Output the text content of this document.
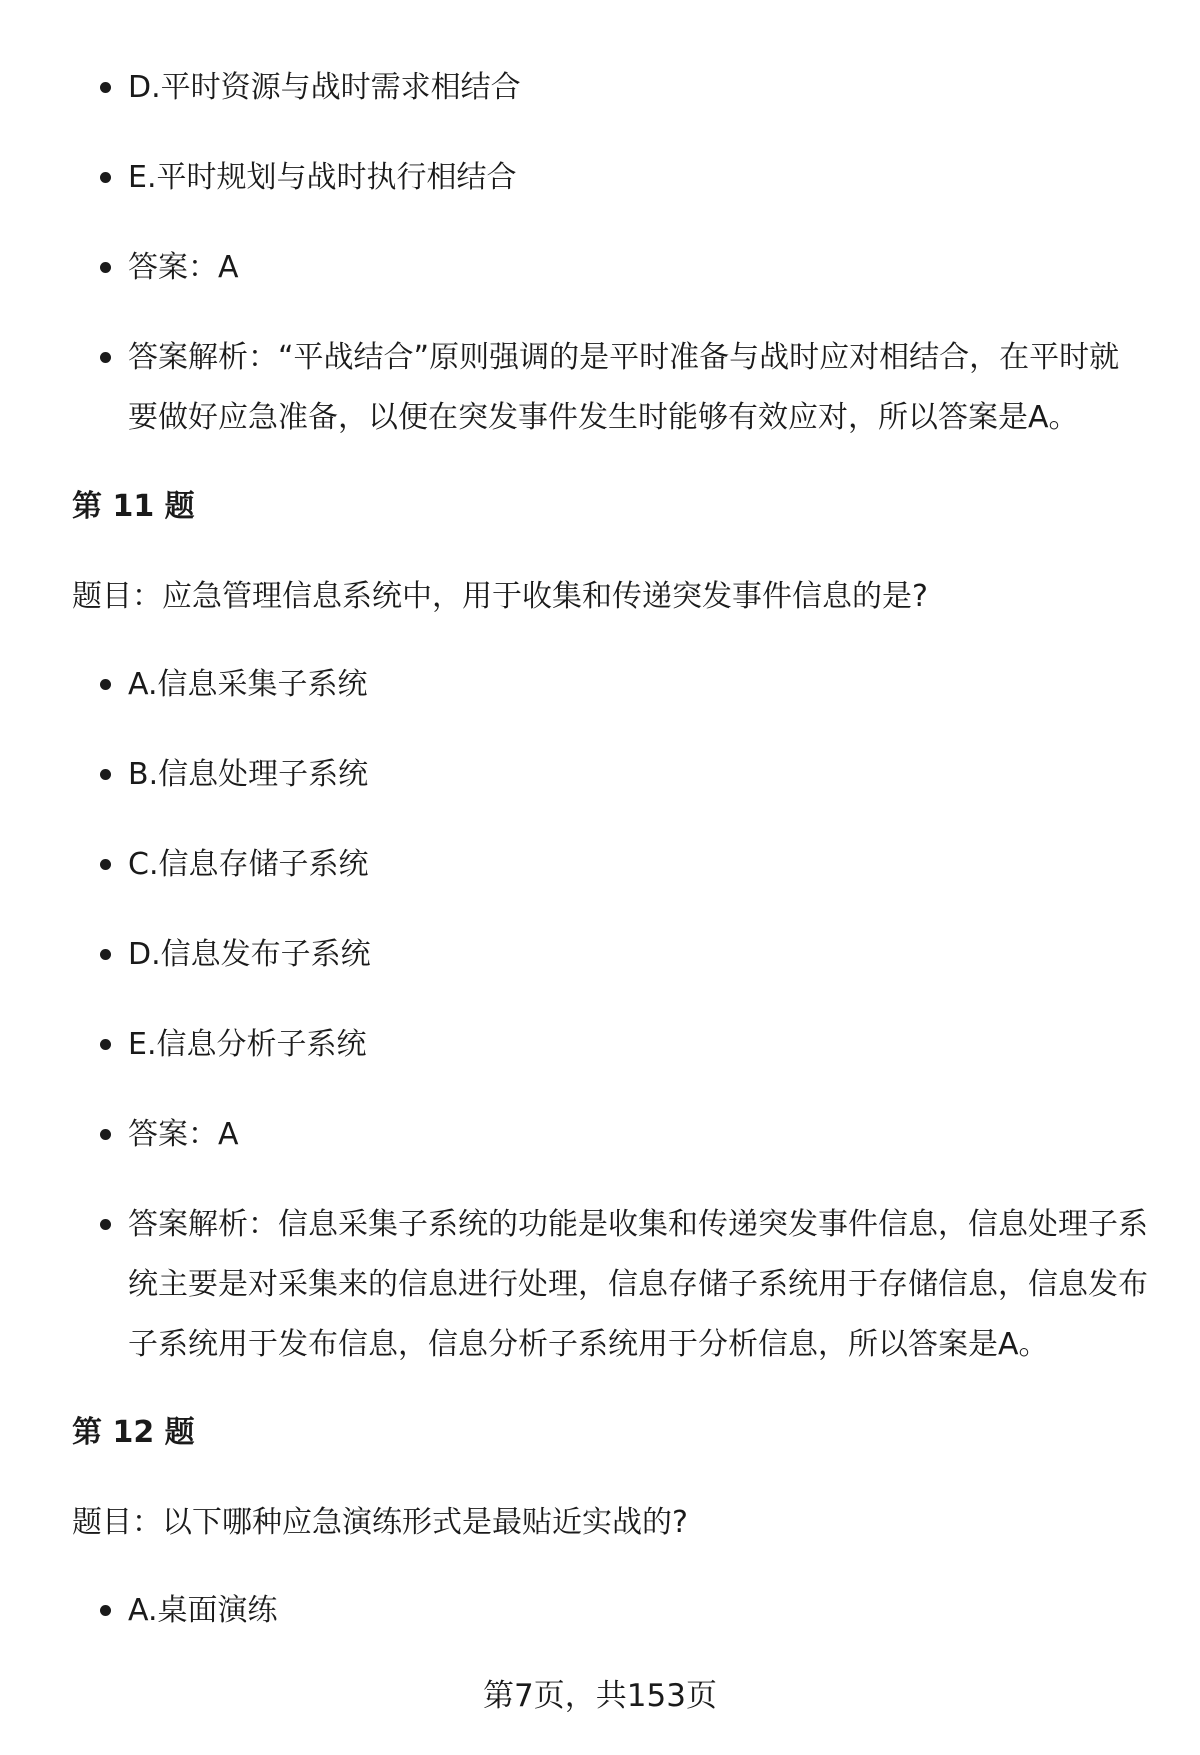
D.平时资源与战时需求相结合
E.平时规划与战时执行相结合
答案：A
答案解析：“平战结合”原则强调的是平时准备与战时应对相结合，在平时就要做好应急准备，以便在突发事件发生时能够有效应对，所以答案是A。
第 11 题
题目：应急管理信息系统中，用于收集和传递突发事件信息的是?
A.信息采集子系统
B.信息处理子系统
C.信息存储子系统
D.信息发布子系统
E.信息分析子系统
答案：A
答案解析：信息采集子系统的功能是收集和传递突发事件信息，信息处理子系统主要是对采集来的信息进行处理，信息存储子系统用于存储信息，信息发布子系统用于发布信息，信息分析子系统用于分析信息，所以答案是A。
第 12 题
题目：以下哪种应急演练形式是最贴近实战的?
A.桌面演练
第7页，共153页
